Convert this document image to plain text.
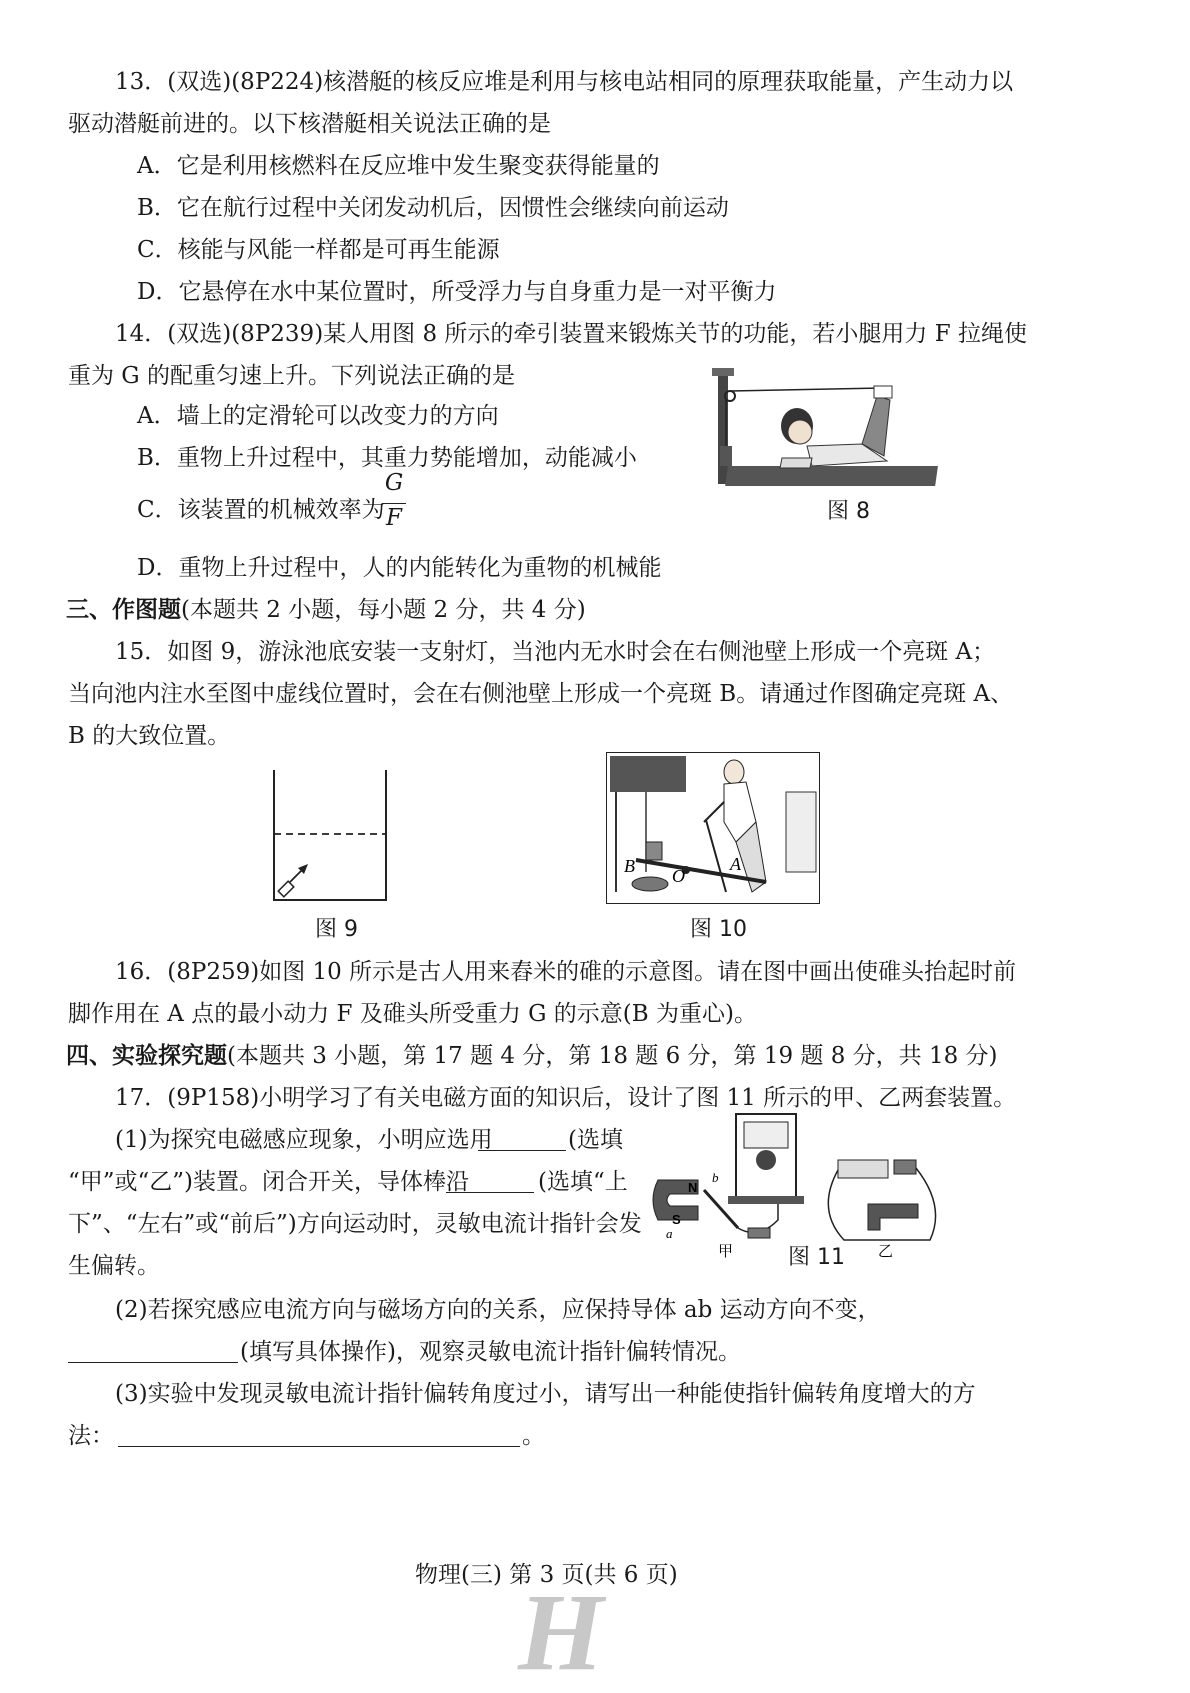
13．(双选)(8P224)核潜艇的核反应堆是利用与核电站相同的原理获取能量，产生动力以
驱动潜艇前进的。以下核潜艇相关说法正确的是
A．它是利用核燃料在反应堆中发生聚变获得能量的
B．它在航行过程中关闭发动机后，因惯性会继续向前运动
C．核能与风能一样都是可再生能源
D．它悬停在水中某位置时，所受浮力与自身重力是一对平衡力
14．(双选)(8P239)某人用图 8 所示的牵引装置来锻炼关节的功能，若小腿用力 F 拉绳使
重为 G 的配重匀速上升。下列说法正确的是
A．墙上的定滑轮可以改变力的方向
B．重物上升过程中，其重力势能增加，动能减小
C．该装置的机械效率为
G
F
D．重物上升过程中，人的内能转化为重物的机械能
图 8
三、作图题(本题共 2 小题，每小题 2 分，共 4 分)
15．如图 9，游泳池底安装一支射灯，当池内无水时会在右侧池壁上形成一个亮斑 A；
当向池内注水至图中虚线位置时，会在右侧池壁上形成一个亮斑 B。请通过作图确定亮斑 A、
B 的大致位置。
图 9
B	A
O
图 10
16．(8P259)如图 10 所示是古人用来舂米的碓的示意图。请在图中画出使碓头抬起时前
脚作用在 A 点的最小动力 F 及碓头所受重力 G 的示意(B 为重心)。
四、实验探究题(本题共 3 小题，第 17 题 4 分，第 18 题 6 分，第 19 题 8 分，共 18 分)
17．(9P158)小明学习了有关电磁方面的知识后，设计了图 11 所示的甲、乙两套装置。
(1)为探究电磁感应现象，小明应选用	(选填
“甲”或“乙”)装置。闭合开关，导体棒沿	(选填“上
下”、“左右”或“前后”)方向运动时，灵敏电流计指针会发
生偏转。
N
S
a
b
甲	乙
图 11
(2)若探究感应电流方向与磁场方向的关系，应保持导体 ab 运动方向不变，
(填写具体操作)，观察灵敏电流计指针偏转情况。
(3)实验中发现灵敏电流计指针偏转角度过小，请写出一种能使指针偏转角度增大的方
法：	。
H
物理(三) 第 3 页(共 6 页)
